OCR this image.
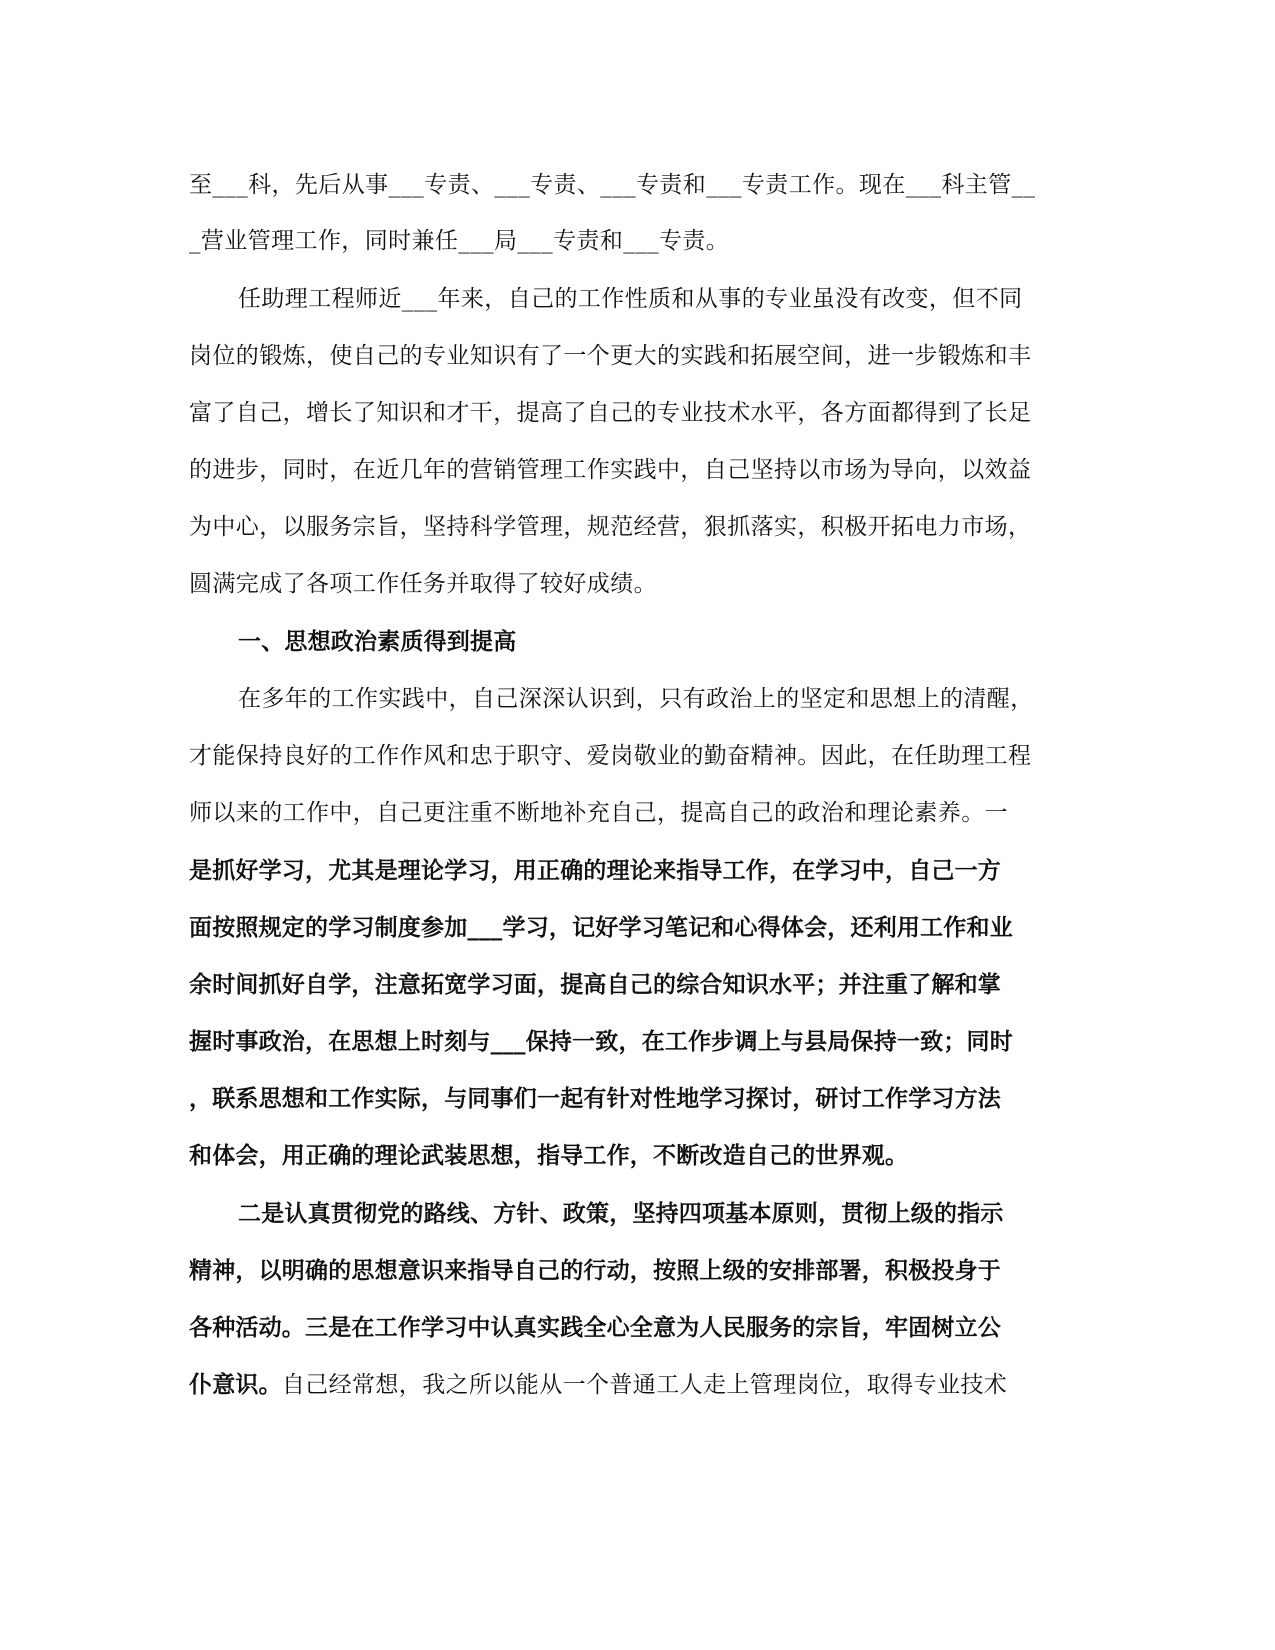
至___科，先后从事___专责、___专责、___专责和___专责工作。现在___科主管__
_营业管理工作，同时兼任___局___专责和___专责。
任助理工程师近___年来，自己的工作性质和从事的专业虽没有改变，但不同
岗位的锻炼，使自己的专业知识有了一个更大的实践和拓展空间，进一步锻炼和丰
富了自己，增长了知识和才干，提高了自己的专业技术水平，各方面都得到了长足
的进步，同时，在近几年的营销管理工作实践中，自己坚持以市场为导向，以效益
为中心，以服务宗旨，坚持科学管理，规范经营，狠抓落实，积极开拓电力市场，
圆满完成了各项工作任务并取得了较好成绩。
一、思想政治素质得到提高
在多年的工作实践中，自己深深认识到，只有政治上的坚定和思想上的清醒，
才能保持良好的工作作风和忠于职守、爱岗敬业的勤奋精神。因此，在任助理工程
师以来的工作中，自己更注重不断地补充自己，提高自己的政治和理论素养。一
是抓好学习，尤其是理论学习，用正确的理论来指导工作，在学习中，自己一方
面按照规定的学习制度参加___学习，记好学习笔记和心得体会，还利用工作和业
余时间抓好自学，注意拓宽学习面，提高自己的综合知识水平；并注重了解和掌
握时事政治，在思想上时刻与___保持一致，在工作步调上与县局保持一致；同时
，联系思想和工作实际，与同事们一起有针对性地学习探讨，研讨工作学习方法
和体会，用正确的理论武装思想，指导工作，不断改造自己的世界观。
二是认真贯彻党的路线、方针、政策，坚持四项基本原则，贯彻上级的指示
精神，以明确的思想意识来指导自己的行动，按照上级的安排部署，积极投身于
各种活动。三是在工作学习中认真实践全心全意为人民服务的宗旨，牢固树立公
仆意识。自己经常想，我之所以能从一个普通工人走上管理岗位，取得专业技术
